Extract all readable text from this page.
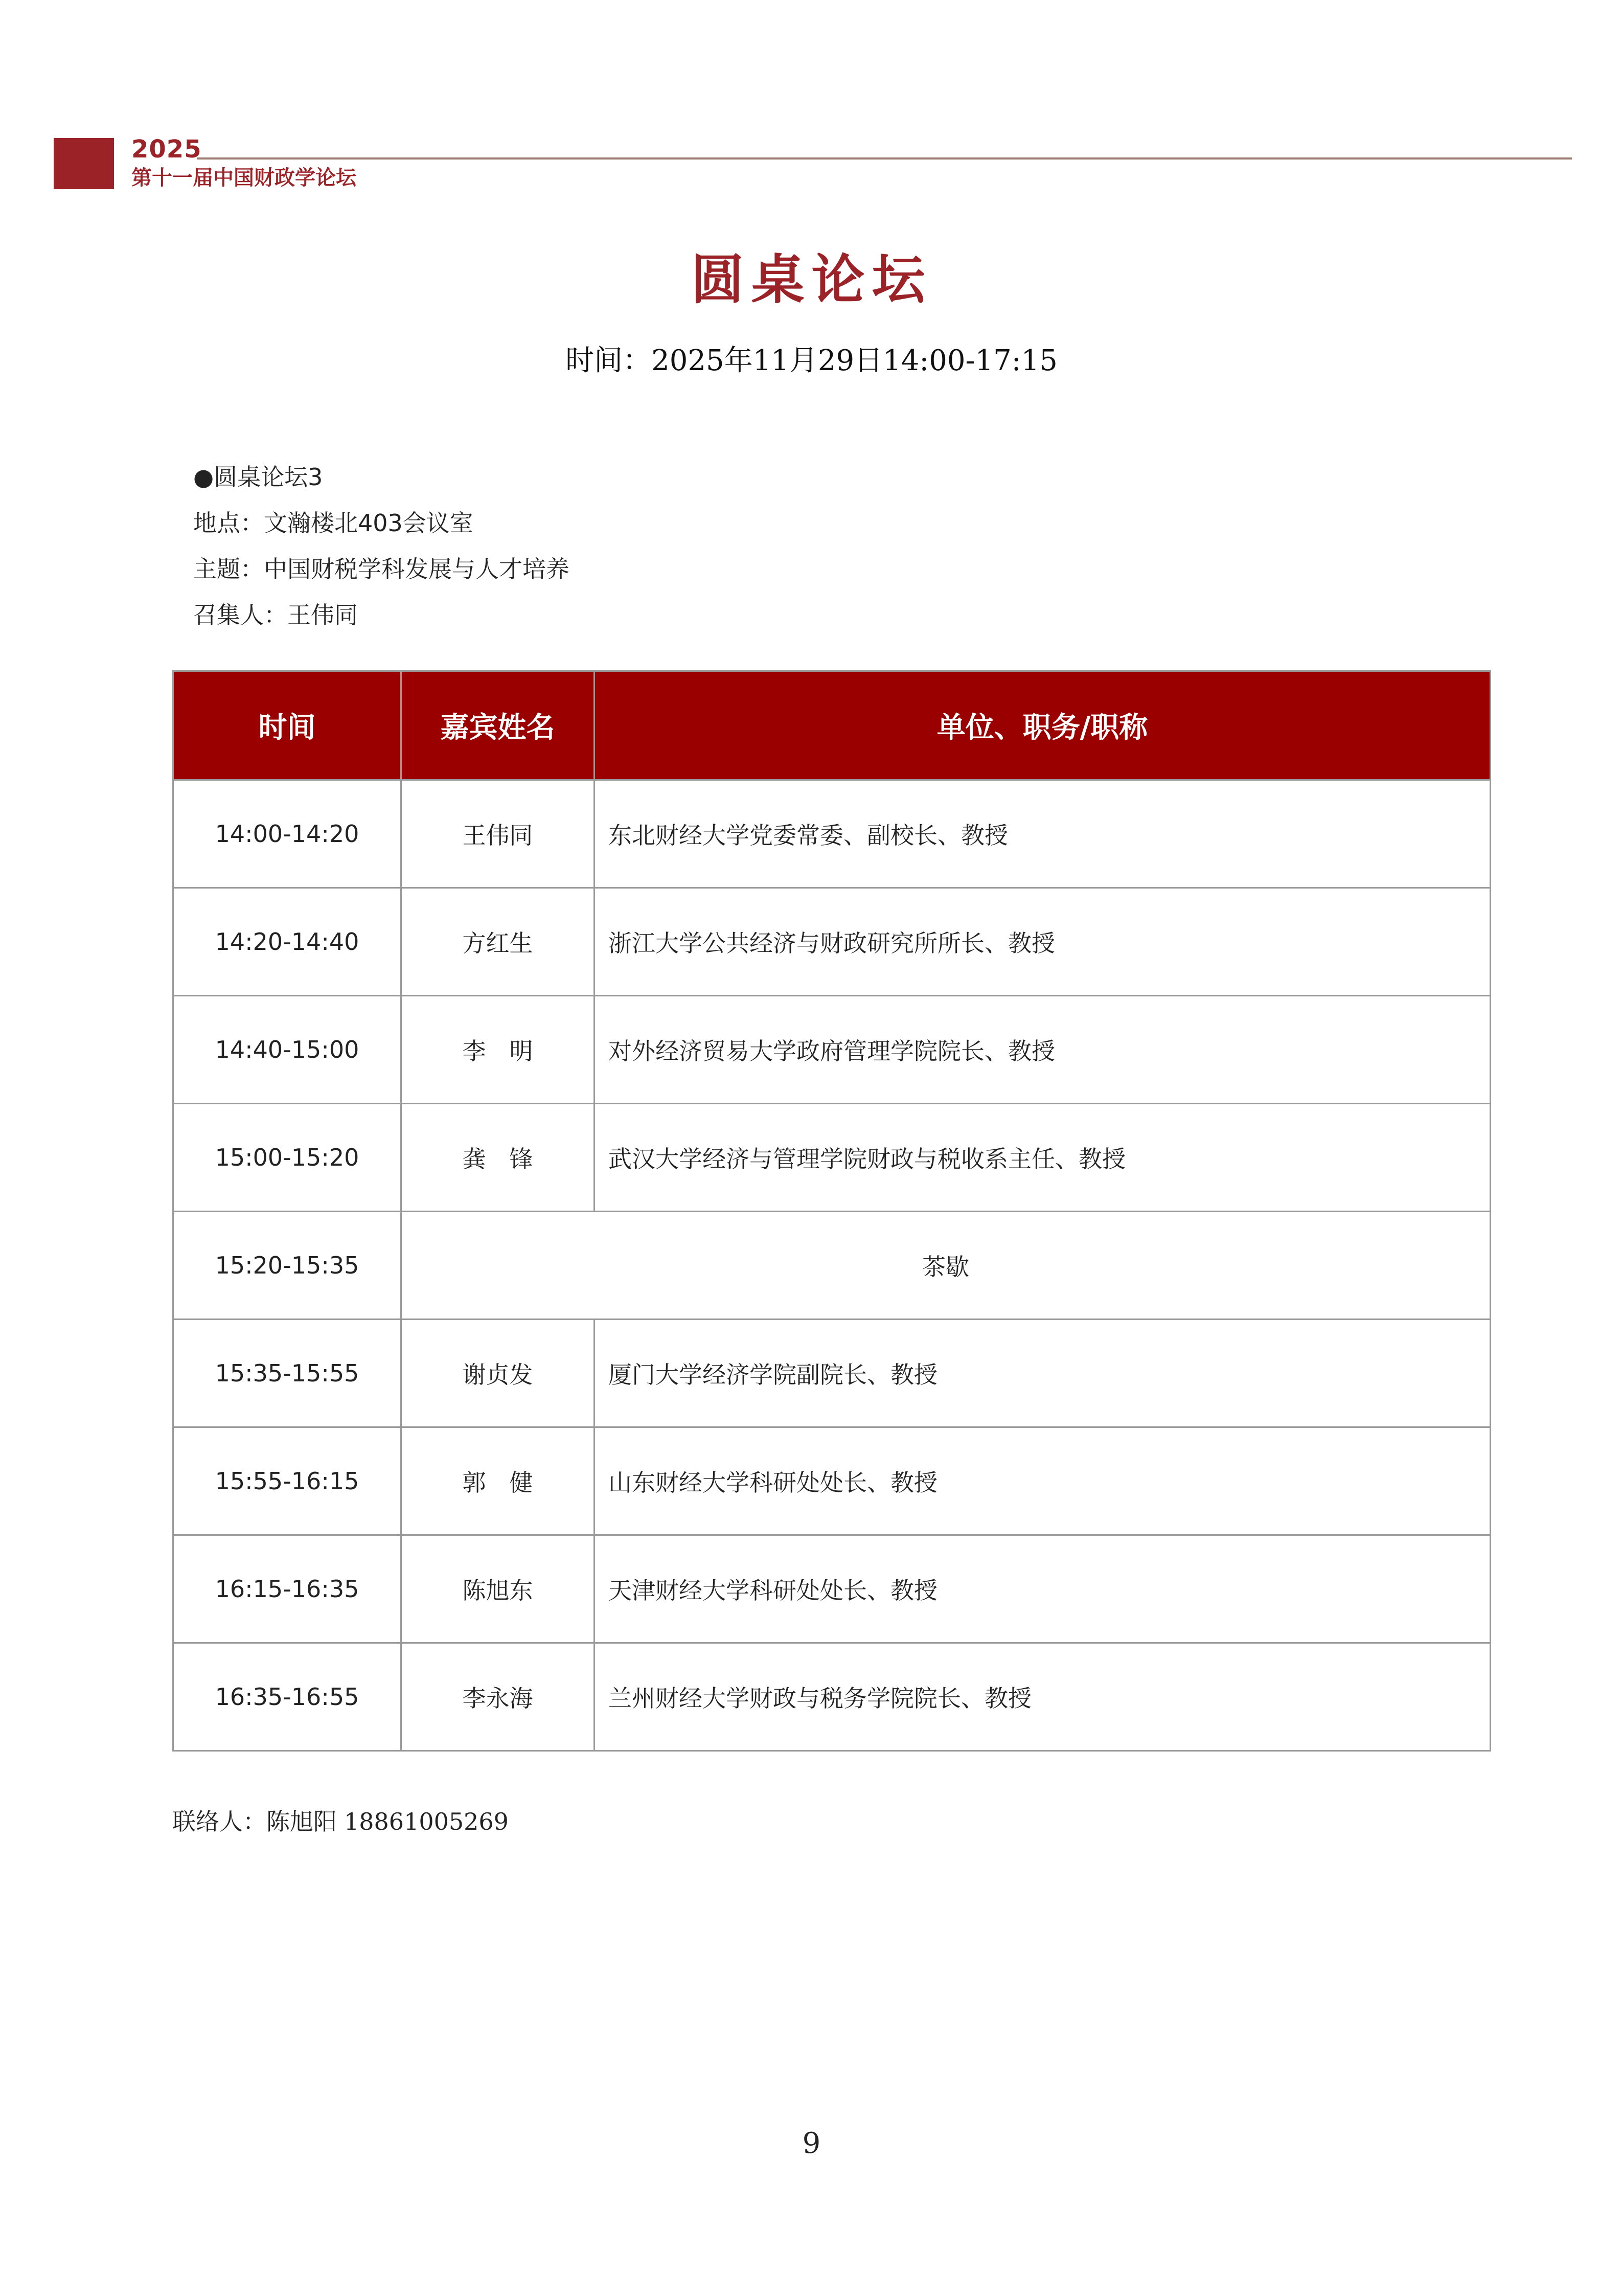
2025
第十一届中国财政学论坛
圆桌论坛
时间：2025年11月29日14:00-17:15
●圆桌论坛3
地点：文瀚楼北403会议室
主题：中国财税学科发展与人才培养
召集人：王伟同
时间	嘉宾姓名	单位、职务/职称
14:00-14:20	王伟同	东北财经大学党委常委、副校长、教授
14:20-14:40	方红生	浙江大学公共经济与财政研究所所长、教授
14:40-15:00	李　明	对外经济贸易大学政府管理学院院长、教授
15:00-15:20	龚　锋	武汉大学经济与管理学院财政与税收系主任、教授
15:20-15:35	茶歇	
15:35-15:55	谢贞发	厦门大学经济学院副院长、教授
15:55-16:15	郭　健	山东财经大学科研处处长、教授
16:15-16:35	陈旭东	天津财经大学科研处处长、教授
16:35-16:55	李永海	兰州财经大学财政与税务学院院长、教授
联络人：陈旭阳 18861005269
9
